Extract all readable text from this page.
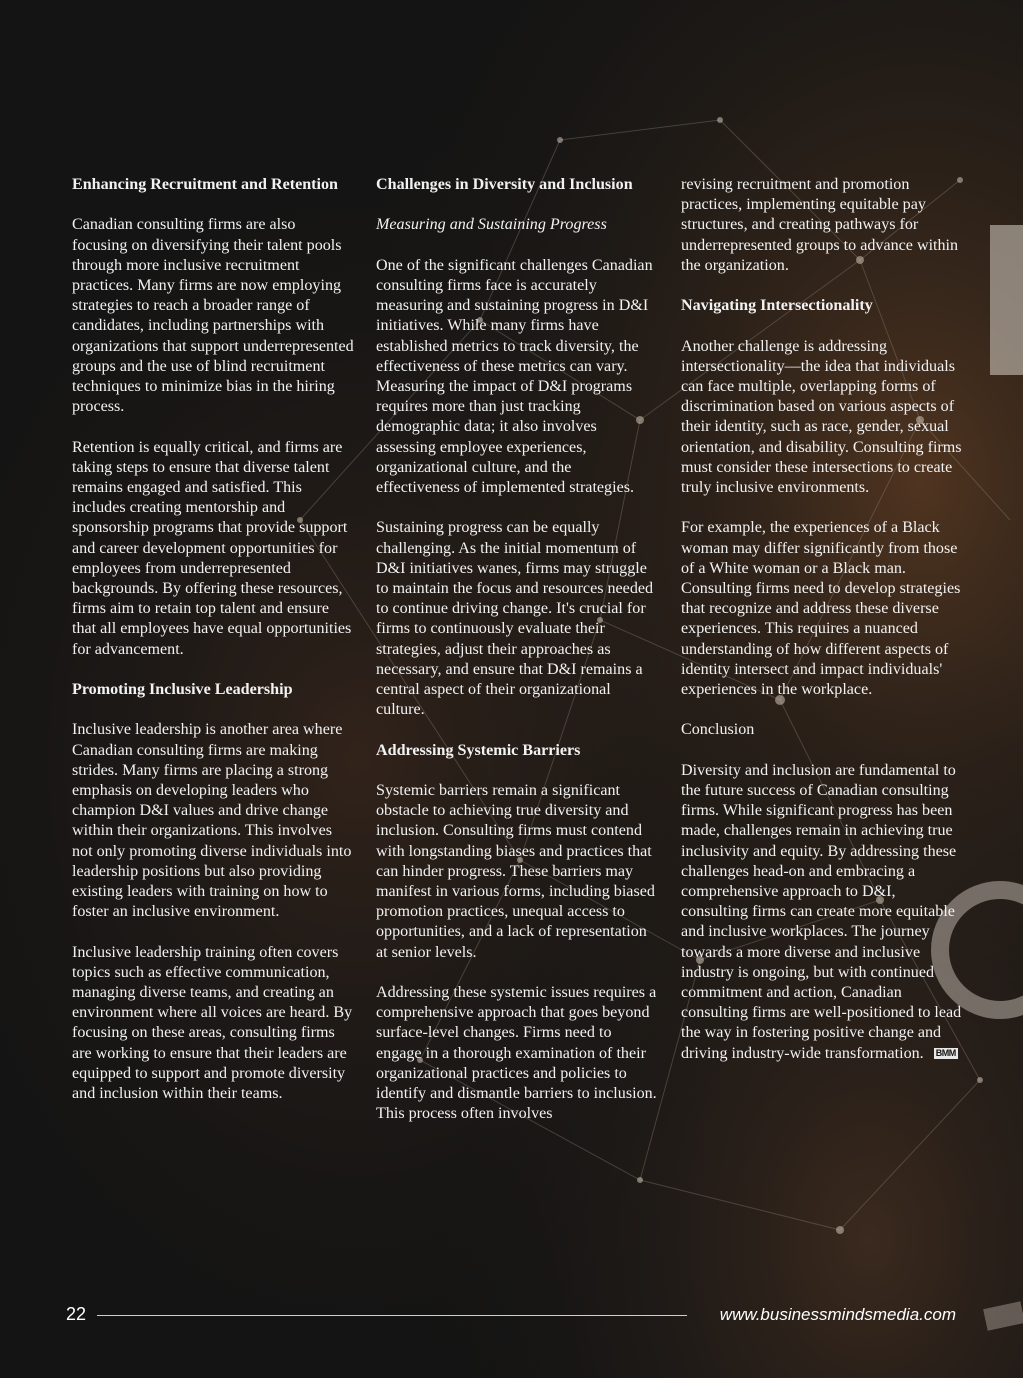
Enhancing Recruitment and Retention

Canadian consulting firms are also focusing on diversifying their talent pools through more inclusive recruitment practices. Many firms are now employing strategies to reach a broader range of candidates, including partnerships with organizations that support underrepresented groups and the use of blind recruitment techniques to minimize bias in the hiring process.

Retention is equally critical, and firms are taking steps to ensure that diverse talent remains engaged and satisfied. This includes creating mentorship and sponsorship programs that provide support and career development opportunities for employees from underrepresented backgrounds. By offering these resources, firms aim to retain top talent and ensure that all employees have equal opportunities for advancement.

Promoting Inclusive Leadership

Inclusive leadership is another area where Canadian consulting firms are making strides. Many firms are placing a strong emphasis on developing leaders who champion D&I values and drive change within their organizations. This involves not only promoting diverse individuals into leadership positions but also providing existing leaders with training on how to foster an inclusive environment.

Inclusive leadership training often covers topics such as effective communication, managing diverse teams, and creating an environment where all voices are heard. By focusing on these areas, consulting firms are working to ensure that their leaders are equipped to support and promote diversity and inclusion within their teams.

Challenges in Diversity and Inclusion

Measuring and Sustaining Progress

One of the significant challenges Canadian consulting firms face is accurately measuring and sustaining progress in D&I initiatives. While many firms have established metrics to track diversity, the effectiveness of these metrics can vary. Measuring the impact of D&I programs requires more than just tracking demographic data; it also involves assessing employee experiences, organizational culture, and the effectiveness of implemented strategies.

Sustaining progress can be equally challenging. As the initial momentum of D&I initiatives wanes, firms may struggle to maintain the focus and resources needed to continue driving change. It's crucial for firms to continuously evaluate their strategies, adjust their approaches as necessary, and ensure that D&I remains a central aspect of their organizational culture.

Addressing Systemic Barriers

Systemic barriers remain a significant obstacle to achieving true diversity and inclusion. Consulting firms must contend with longstanding biases and practices that can hinder progress. These barriers may manifest in various forms, including biased promotion practices, unequal access to opportunities, and a lack of representation at senior levels.

Addressing these systemic issues requires a comprehensive approach that goes beyond surface-level changes. Firms need to engage in a thorough examination of their organizational practices and policies to identify and dismantle barriers to inclusion. This process often involves

revising recruitment and promotion practices, implementing equitable pay structures, and creating pathways for underrepresented groups to advance within the organization.

Navigating Intersectionality

Another challenge is addressing intersectionality—the idea that individuals can face multiple, overlapping forms of discrimination based on various aspects of their identity, such as race, gender, sexual orientation, and disability. Consulting firms must consider these intersections to create truly inclusive environments.

For example, the experiences of a Black woman may differ significantly from those of a White woman or a Black man. Consulting firms need to develop strategies that recognize and address these diverse experiences. This requires a nuanced understanding of how different aspects of identity intersect and impact individuals' experiences in the workplace.

Conclusion

Diversity and inclusion are fundamental to the future success of Canadian consulting firms. While significant progress has been made, challenges remain in achieving true inclusivity and equity. By addressing these challenges head-on and embracing a comprehensive approach to D&I, consulting firms can create more equitable and inclusive workplaces. The journey towards a more diverse and inclusive industry is ongoing, but with continued commitment and action, Canadian consulting firms are well-positioned to lead the way in fostering positive change and driving industry-wide transformation. BMM

22	www.businessmindsmedia.com
